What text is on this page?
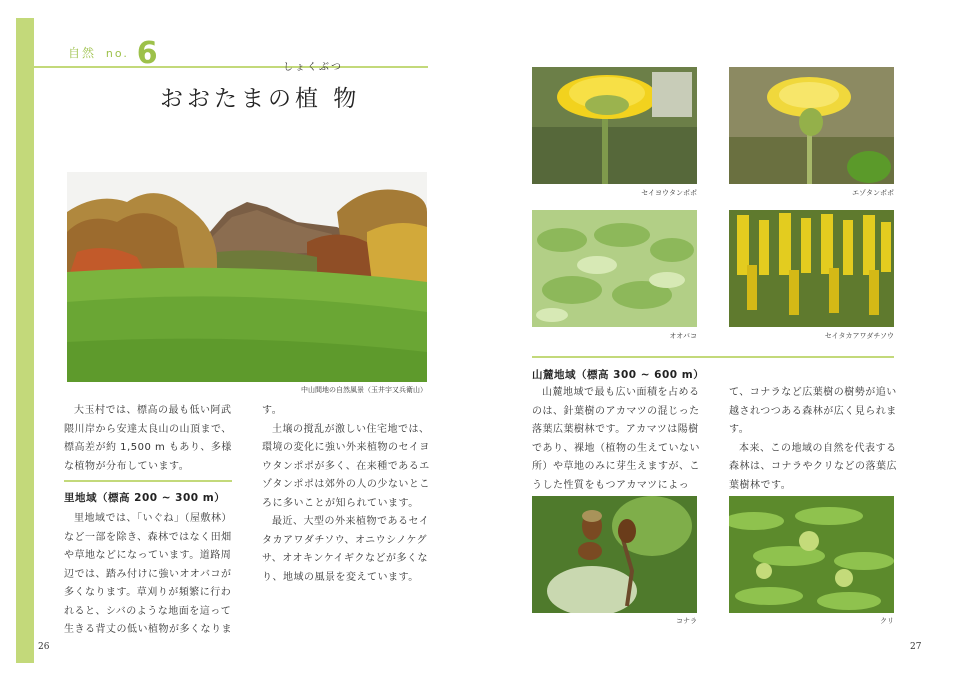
自然 no. 6	しょくぶつ
おおたまの植 物
中山間地の自然風景（玉井宇又兵衛山）

大玉村では、標高の最も低い阿武

隈川岸から安達太良山の山頂まで、

標高差が約 1,500 m もあり、多様

な植物が分布しています。

里地域（標高 200 ~ 300 m）

里地域では、「いぐね」（屋敷林）

など一部を除き、森林ではなく田畑

や草地などになっています。道路周

辺では、踏み付けに強いオオバコが

多くなります。草刈りが頻繁に行わ

れると、シバのような地面を這って

生きる背丈の低い植物が多くなりま

す。

土壌の撹乱が激しい住宅地では、

環境の変化に強い外来植物のセイヨ

ウタンポポが多く、在来種であるエ

ゾタンポポは郊外の人の少ないとこ

ろに多いことが知られています。

最近、大型の外来植物であるセイ

タカアワダチソウ、オニウシノケグ

サ、オオキンケイギクなどが多くな

り、地域の風景を変えています。

26
セイヨウタンポポ	エゾタンポポ
オオバコ	セイタカアワダチソウ
山麓地域（標高 300 ~ 600 m）

山麓地域で最も広い面積を占める

のは、針葉樹のアカマツの混じった

落葉広葉樹林です。アカマツは陽樹

であり、裸地（植物の生えていない

所）や草地のみに芽生えますが、こ

うした性質をもつアカマツによっ

て、コナラなど広葉樹の樹勢が追い

越されつつある森林が広く見られま

す。

本来、この地域の自然を代表する

森林は、コナラやクリなどの落葉広

葉樹林です。

コナラ	クリ
27
